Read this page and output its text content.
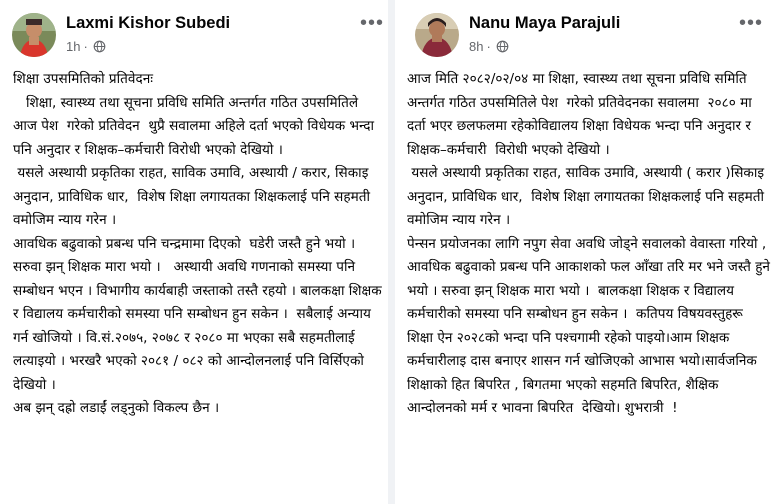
Laxmi Kishor Subedi
1h ·
•••
शिक्षा उपसमितिको प्रतिवेदनः
शिक्षा, स्वास्थ्य तथा सूचना प्रविधि समिति अन्तर्गत गठित उपसमितिले आज पेश  गरेको प्रतिवेदन  थुप्रै सवालमा अहिले दर्ता भएको विधेयक भन्दा पनि अनुदार र शिक्षक–कर्मचारी विरोधी भएको देखियो ।
यसले अस्थायी प्रकृतिका राहत, साविक उमावि, अस्थायी / करार, सिकाइ अनुदान, प्राविधिक धार,  विशेष शिक्षा लगायतका शिक्षकलाई पनि सहमती वमोजिम न्याय गरेन ।
आवधिक बढुवाको प्रबन्ध पनि चन्द्रमामा दिएको  घडेरी जस्तै हुने भयो । सरुवा झन् शिक्षक मारा भयो ।   अस्थायी अवधि गणनाको समस्या पनि सम्बोधन भएन । विभागीय कार्यबाही जस्ताको तस्तै रहयो । बालकक्षा शिक्षक र विद्यालय कर्मचारीको समस्या पनि सम्बोधन हुन सकेन ।  सबैलाई अन्याय गर्न खोजियो । वि.सं.२०७५, २०७८ र २०८० मा भएका सबै सहमतीलाई लत्याइयो । भरखरै भएको २०८१ / ०८२ को आन्दोलनलाई पनि विर्सिएको देखियो ।
अब झन् दह्रो लडाईं लड्नुको विकल्प छैन ।
Nanu Maya Parajuli
8h ·
•••
आज मिति २०८२/०२/०४ मा शिक्षा, स्वास्थ्य तथा सूचना प्रविधि समिति अन्तर्गत गठित उपसमितिले पेश  गरेको प्रतिवेदनका सवालमा  २०८० मा दर्ता भएर छलफलमा रहेकोविद्यालय शिक्षा विधेयक भन्दा पनि अनुदार र शिक्षक–कर्मचारी  विरोधी भएको देखियो ।
यसले अस्थायी प्रकृतिका राहत, साविक उमावि, अस्थायी ( करार )सिकाइ अनुदान, प्राविधिक धार,  विशेष शिक्षा लगायतका शिक्षकलाई पनि सहमती वमोजिम न्याय गरेन ।
पेन्सन प्रयोजनका लागि नपुग सेवा अवधि जोड्ने सवालको वेवास्ता गरियो , आवधिक बढुवाको प्रबन्ध पनि आकाशको फल आँखा तरि मर भने जस्तै हुने भयो । सरुवा झन् शिक्षक मारा भयो ।  बालकक्षा शिक्षक र विद्यालय  कर्मचारीको समस्या पनि सम्बोधन हुन सकेन ।  कतिपय विषयवस्तुहरू शिक्षा ऐन २०२८को भन्दा पनि पश्चगामी रहेको पाइयो।आम शिक्षक कर्मचारीलाइ दास बनाएर शासन गर्न खोजिएको आभास भयो।सार्वजनिक शिक्षाको हित बिपरित , बिगतमा भएको सहमति बिपरित, शैक्षिक आन्दोलनको मर्म र भावना बिपरित  देखियो। शुभरात्री  !
